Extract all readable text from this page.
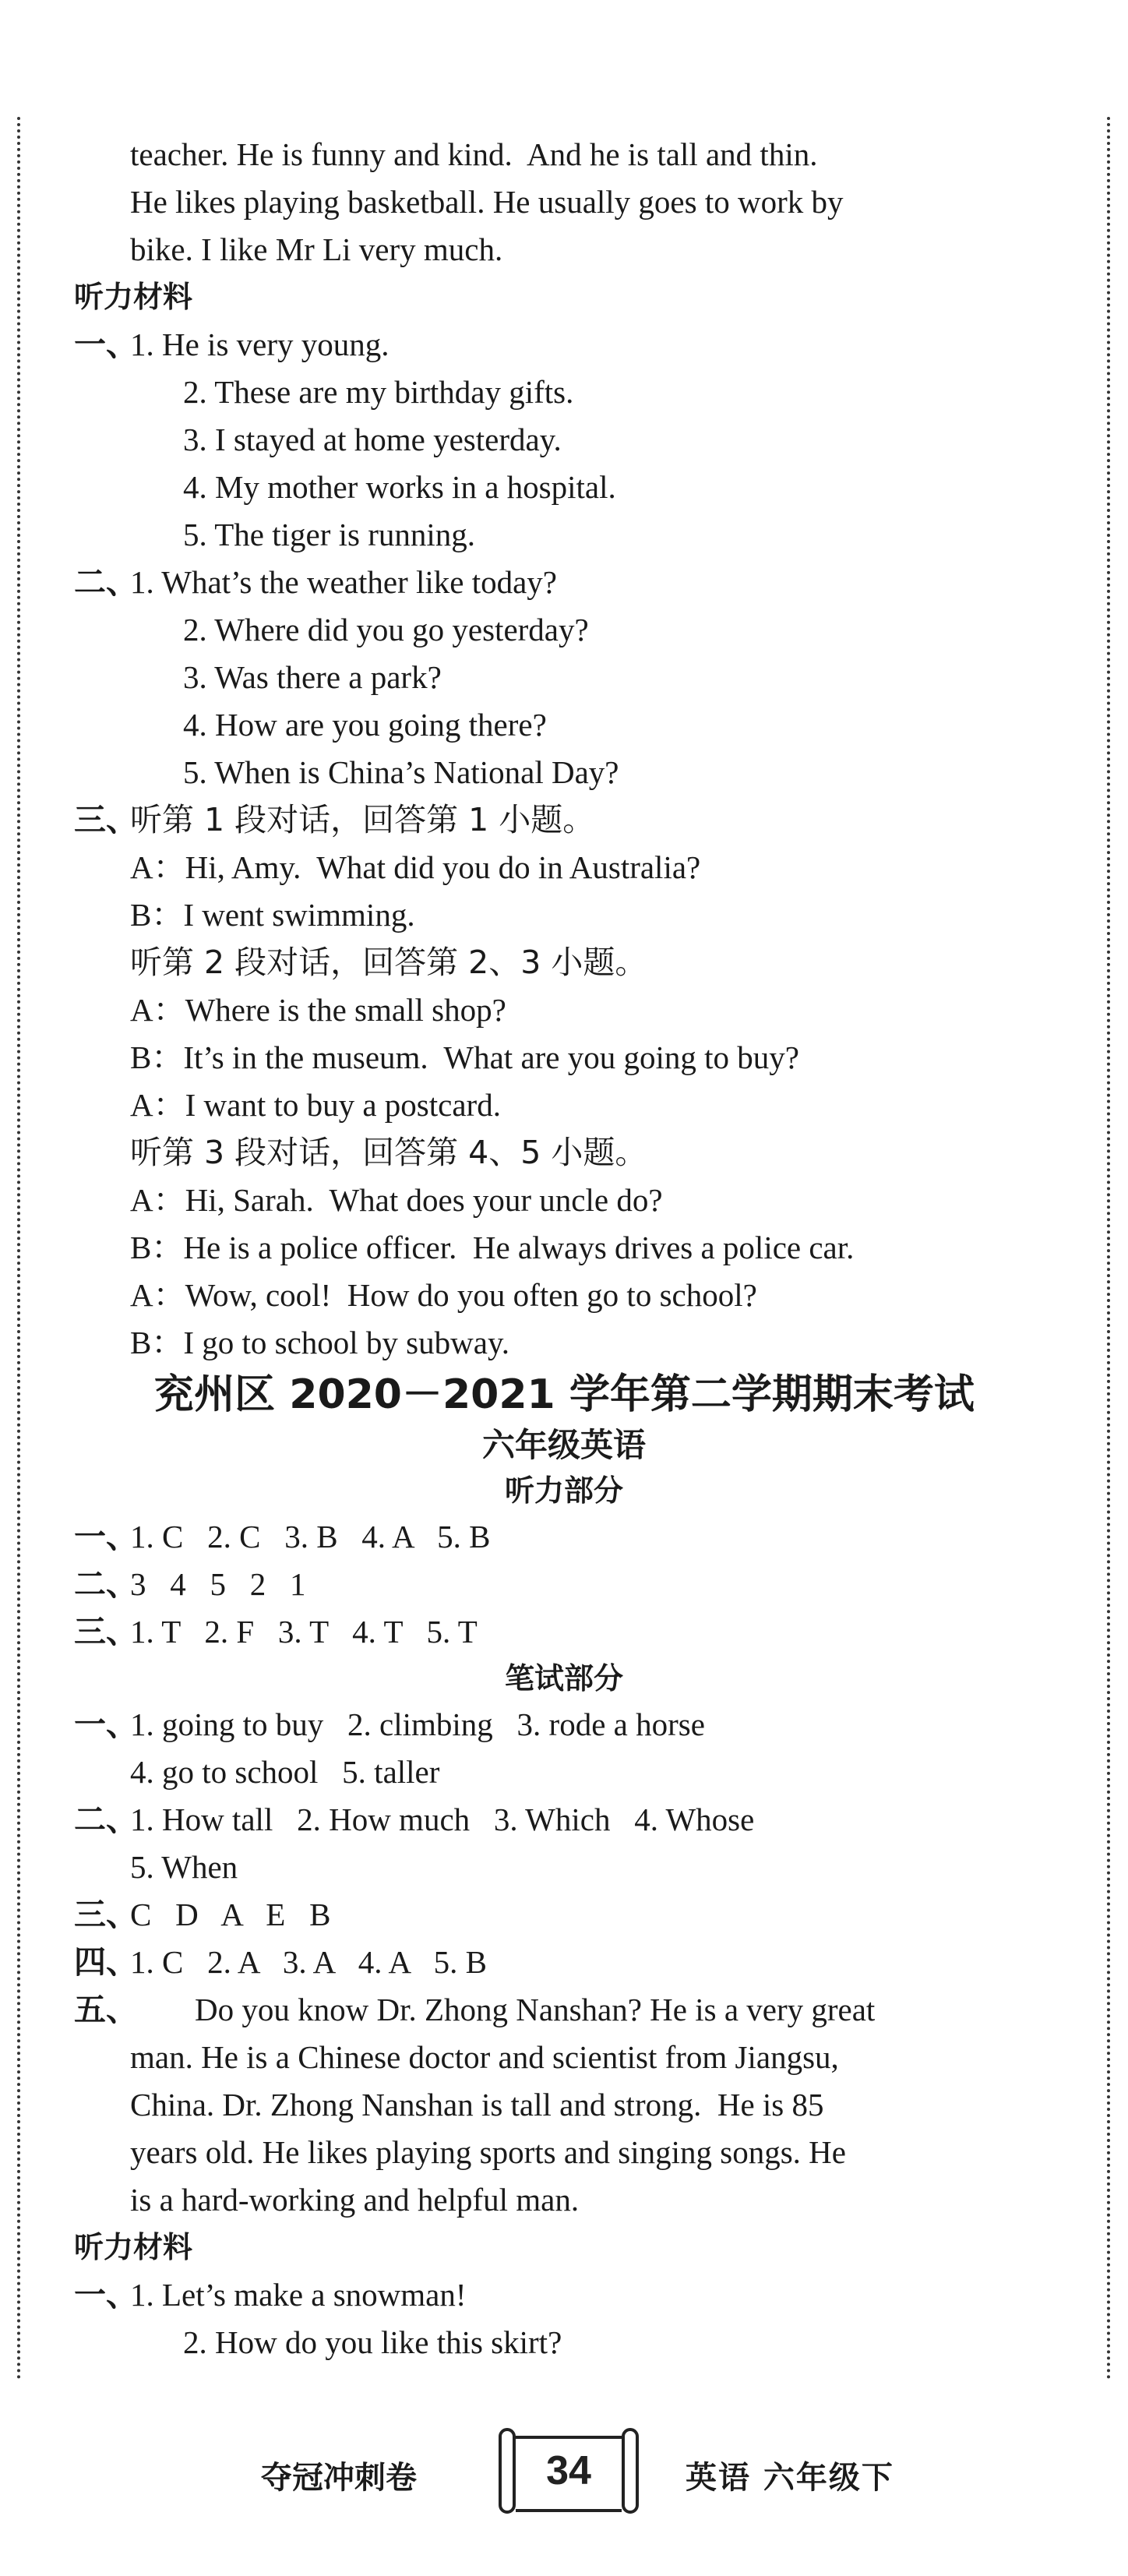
teacher. He is funny and kind.  And he is tall and thin.
He likes playing basketball. He usually goes to work by
bike. I like Mr Li very much.
听力材料
一、
1. He is very young.
2. These are my birthday gifts.
3. I stayed at home yesterday.
4. My mother works in a hospital.
5. The tiger is running.
二、
1. What’s the weather like today?
2. Where did you go yesterday?
3. Was there a park?
4. How are you going there?
5. When is China’s National Day?
三、
听第 1 段对话，回答第 1 小题。
A：Hi, Amy.  What did you do in Australia?
B：I went swimming.
听第 2 段对话，回答第 2、3 小题。
A：Where is the small shop?
B：It’s in the museum.  What are you going to buy?
A：I want to buy a postcard.
听第 3 段对话，回答第 4、5 小题。
A：Hi, Sarah.  What does your uncle do?
B：He is a police officer.  He always drives a police car.
A：Wow, cool!  How do you often go to school?
B：I go to school by subway.
兖州区 2020－2021 学年第二学期期末考试
六年级英语
听力部分
一、
1. C   2. C   3. B   4. A   5. B
二、
3   4   5   2   1
三、
1. T   2. F   3. T   4. T   5. T
笔试部分
一、
1. going to buy   2. climbing   3. rode a horse
4. go to school   5. taller
二、
1. How tall   2. How much   3. Which   4. Whose
5. When
三、
C   D   A   E   B
四、
1. C   2. A   3. A   4. A   5. B
五、 Do you know Dr. Zhong Nanshan? He is a very great
man. He is a Chinese doctor and scientist from Jiangsu,
China. Dr. Zhong Nanshan is tall and strong.  He is 85
years old. He likes playing sports and singing songs. He
is a hard-working and helpful man.
听力材料
一、
1. Let’s make a snowman!
2. How do you like this skirt?
夺冠冲刺卷	34	英语 六年级下
